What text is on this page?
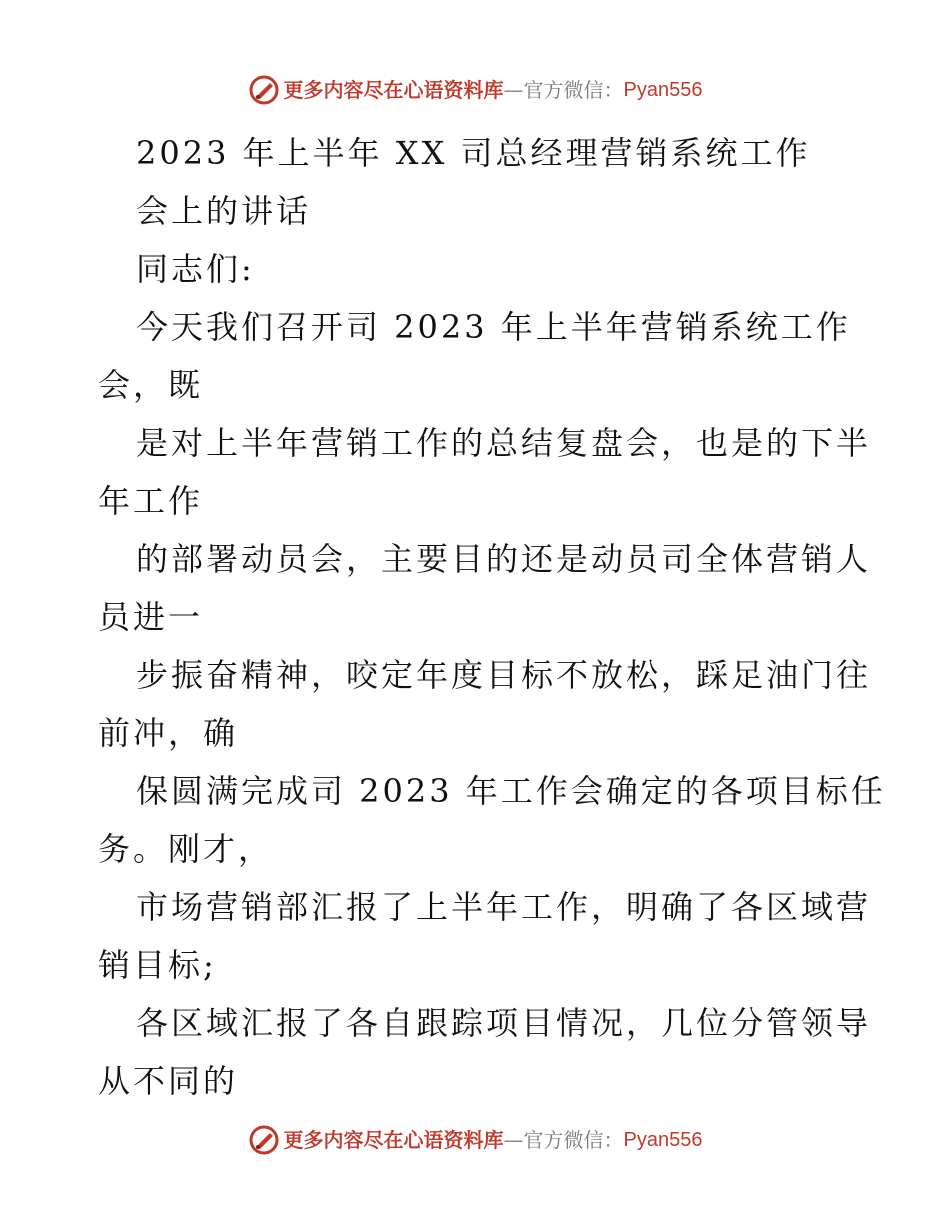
更多内容尽在心语资料库 — 官方微信： Pyan556
2023 年上半年 XX 司总经理营销系统工作
会上的讲话
同志们:
今天我们召开司 2023 年上半年营销系统工作
会，既
是对上半年营销工作的总结复盘会，也是的下半
年工作
的部署动员会，主要目的还是动员司全体营销人
员进一
步振奋精神，咬定年度目标不放松，踩足油门往
前冲，确
保圆满完成司 2023 年工作会确定的各项目标任
务。刚才，
市场营销部汇报了上半年工作，明确了各区域营
销目标;
各区域汇报了各自跟踪项目情况，几位分管领导
从不同的
更多内容尽在心语资料库 — 官方微信： Pyan556
